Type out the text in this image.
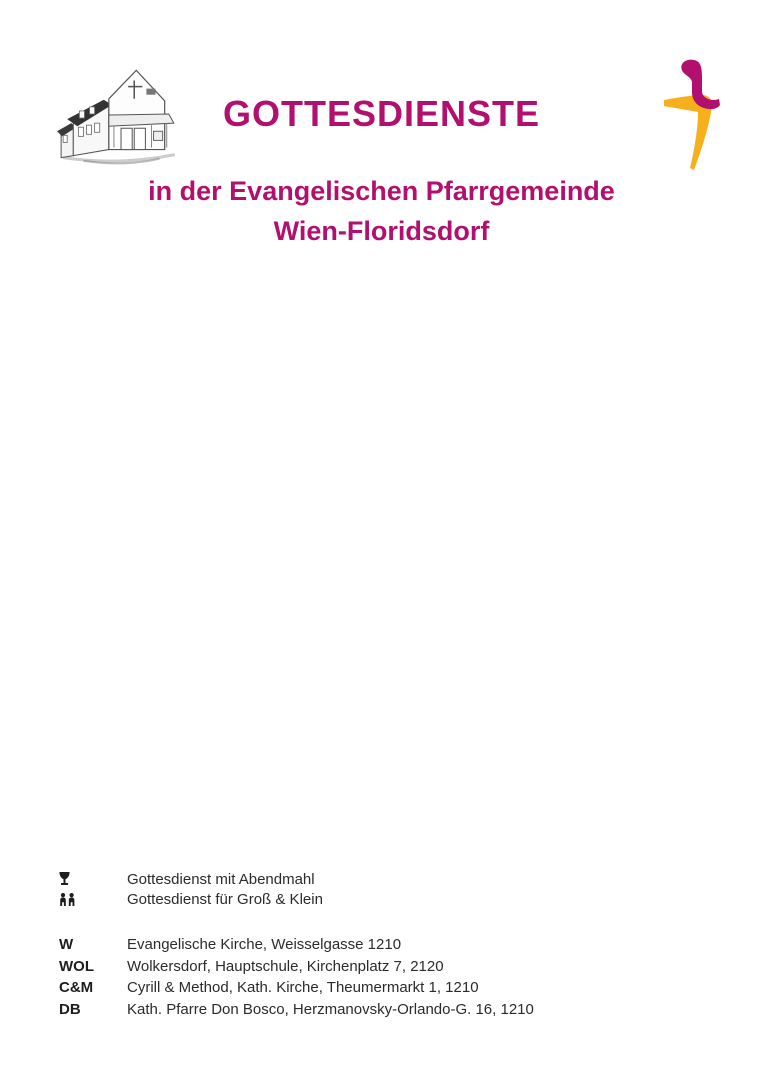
GOTTESDIENSTE
in der Evangelischen Pfarrgemeinde
Wien-Floridsdorf
Gottesdienst mit Abendmahl
Gottesdienst für Groß & Klein
W	Evangelische Kirche, Weisselgasse 1210
WOL	Wolkersdorf, Hauptschule, Kirchenplatz 7, 2120
C&M	Cyrill & Method, Kath. Kirche, Theumermarkt 1, 1210
DB	Kath. Pfarre Don Bosco, Herzmanovsky-Orlando-G. 16, 1210
